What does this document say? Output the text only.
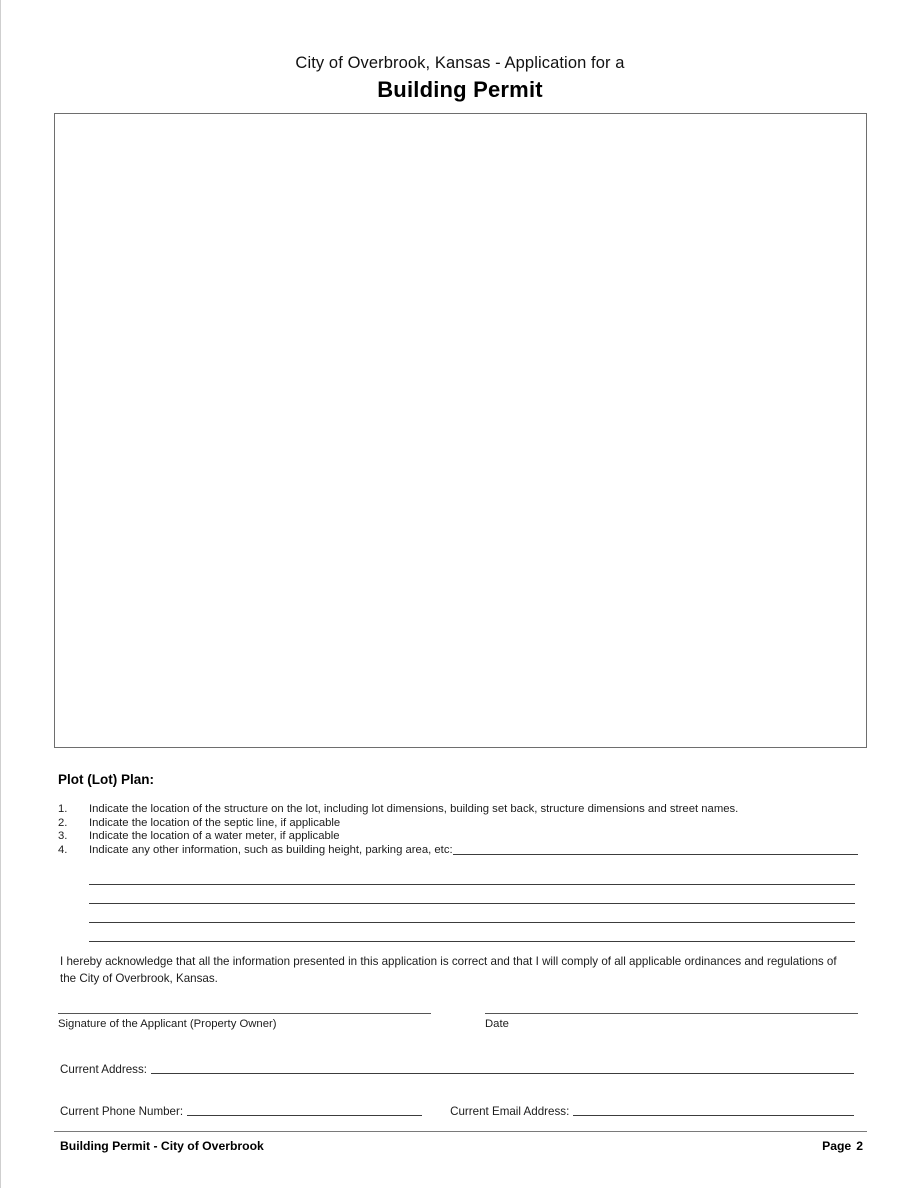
City of Overbrook, Kansas - Application for a
Building Permit
Plot (Lot) Plan:
1.	Indicate the location of the structure on the lot, including lot dimensions, building set back, structure dimensions and street names.
2.	Indicate the location of the septic line, if applicable
3.	Indicate the location of a water meter, if applicable
4.	Indicate any other information, such as building height, parking area, etc:
I hereby acknowledge that all the information presented in this application is correct and that I will comply of all applicable ordinances and regulations of the City of Overbrook, Kansas.
Signature of the Applicant (Property Owner)	Date
Current Address:
Current Phone Number:	Current Email Address:
Building Permit - City of Overbrook	Page 2
